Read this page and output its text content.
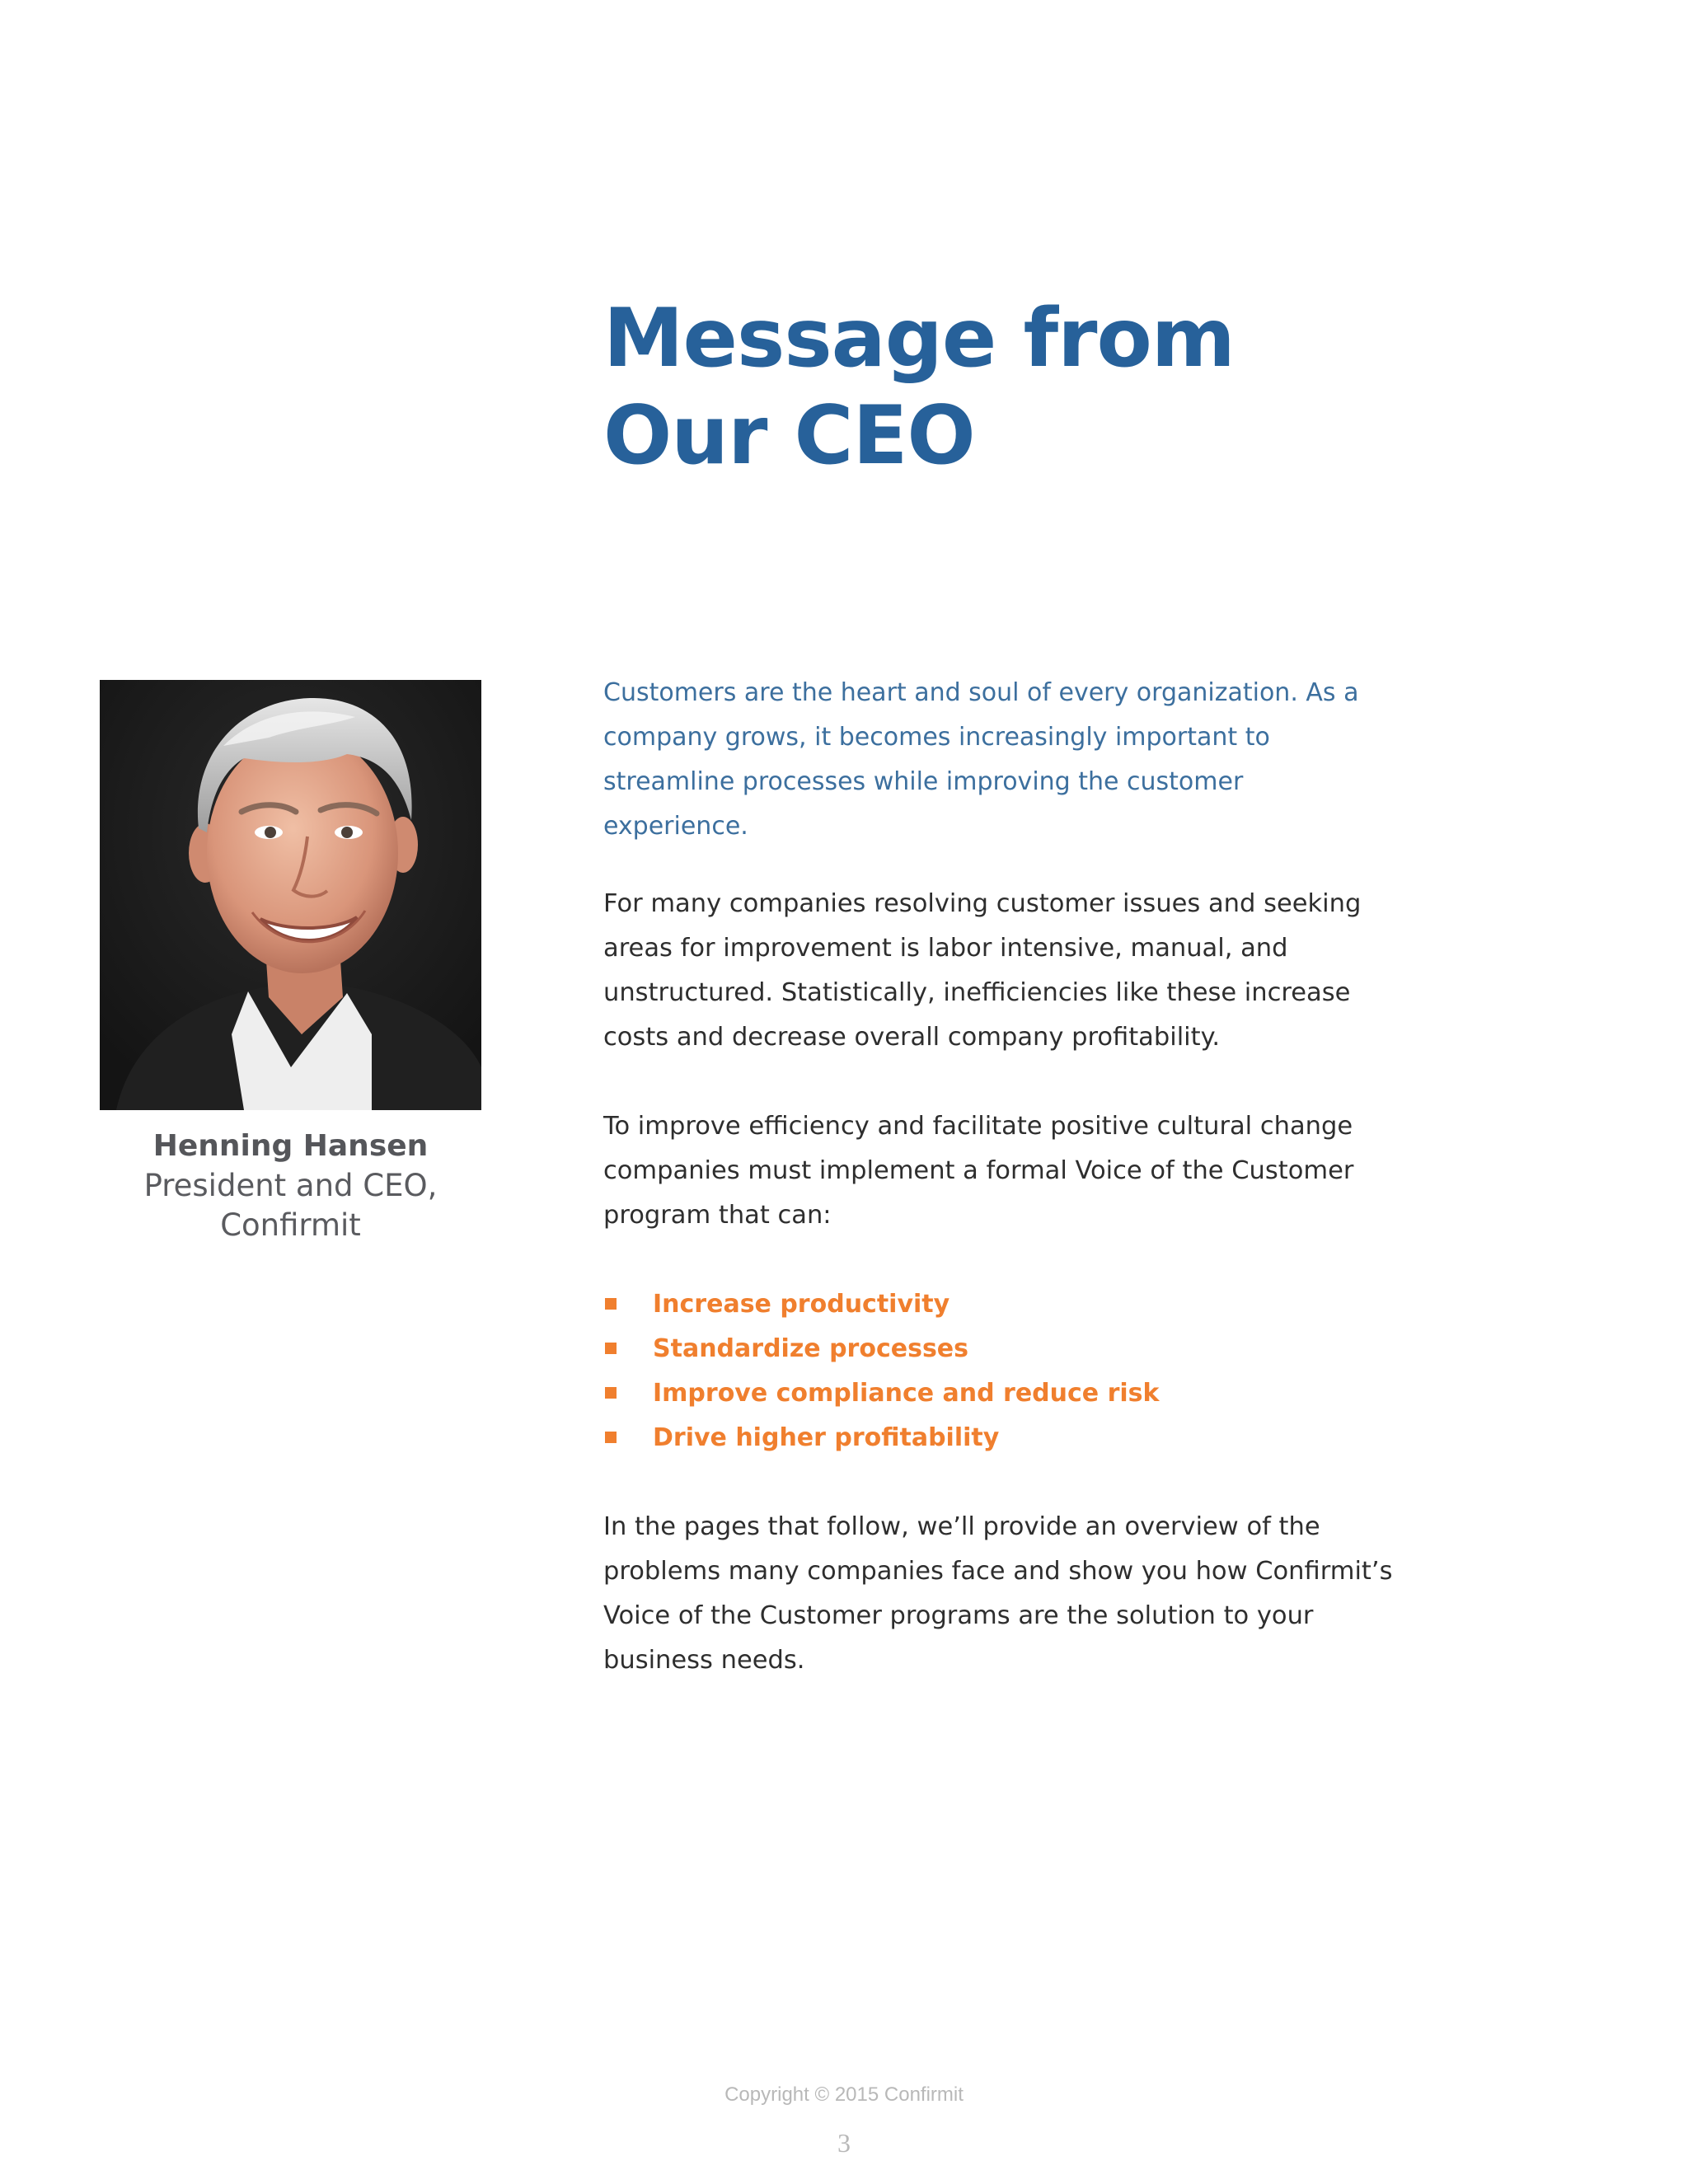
Message from
Our CEO
Henning Hansen
President and CEO,
Confirmit

Customers are the heart and soul of every organization. As a company grows, it becomes increasingly important to streamline processes while improving the customer experience.

For many companies resolving customer issues and seeking areas for improvement is labor intensive, manual, and unstructured. Statistically, inefficiencies like these increase costs and decrease overall company profitability.

To improve efficiency and facilitate positive cultural change companies must implement a formal Voice of the Customer program that can:

Increase productivity
Standardize processes
Improve compliance and reduce risk
Drive higher profitability

In the pages that follow, we’ll provide an overview of the problems many companies face and show you how Confirmit’s Voice of the Customer programs are the solution to your business needs.

Copyright © 2015 Confirmit
3
